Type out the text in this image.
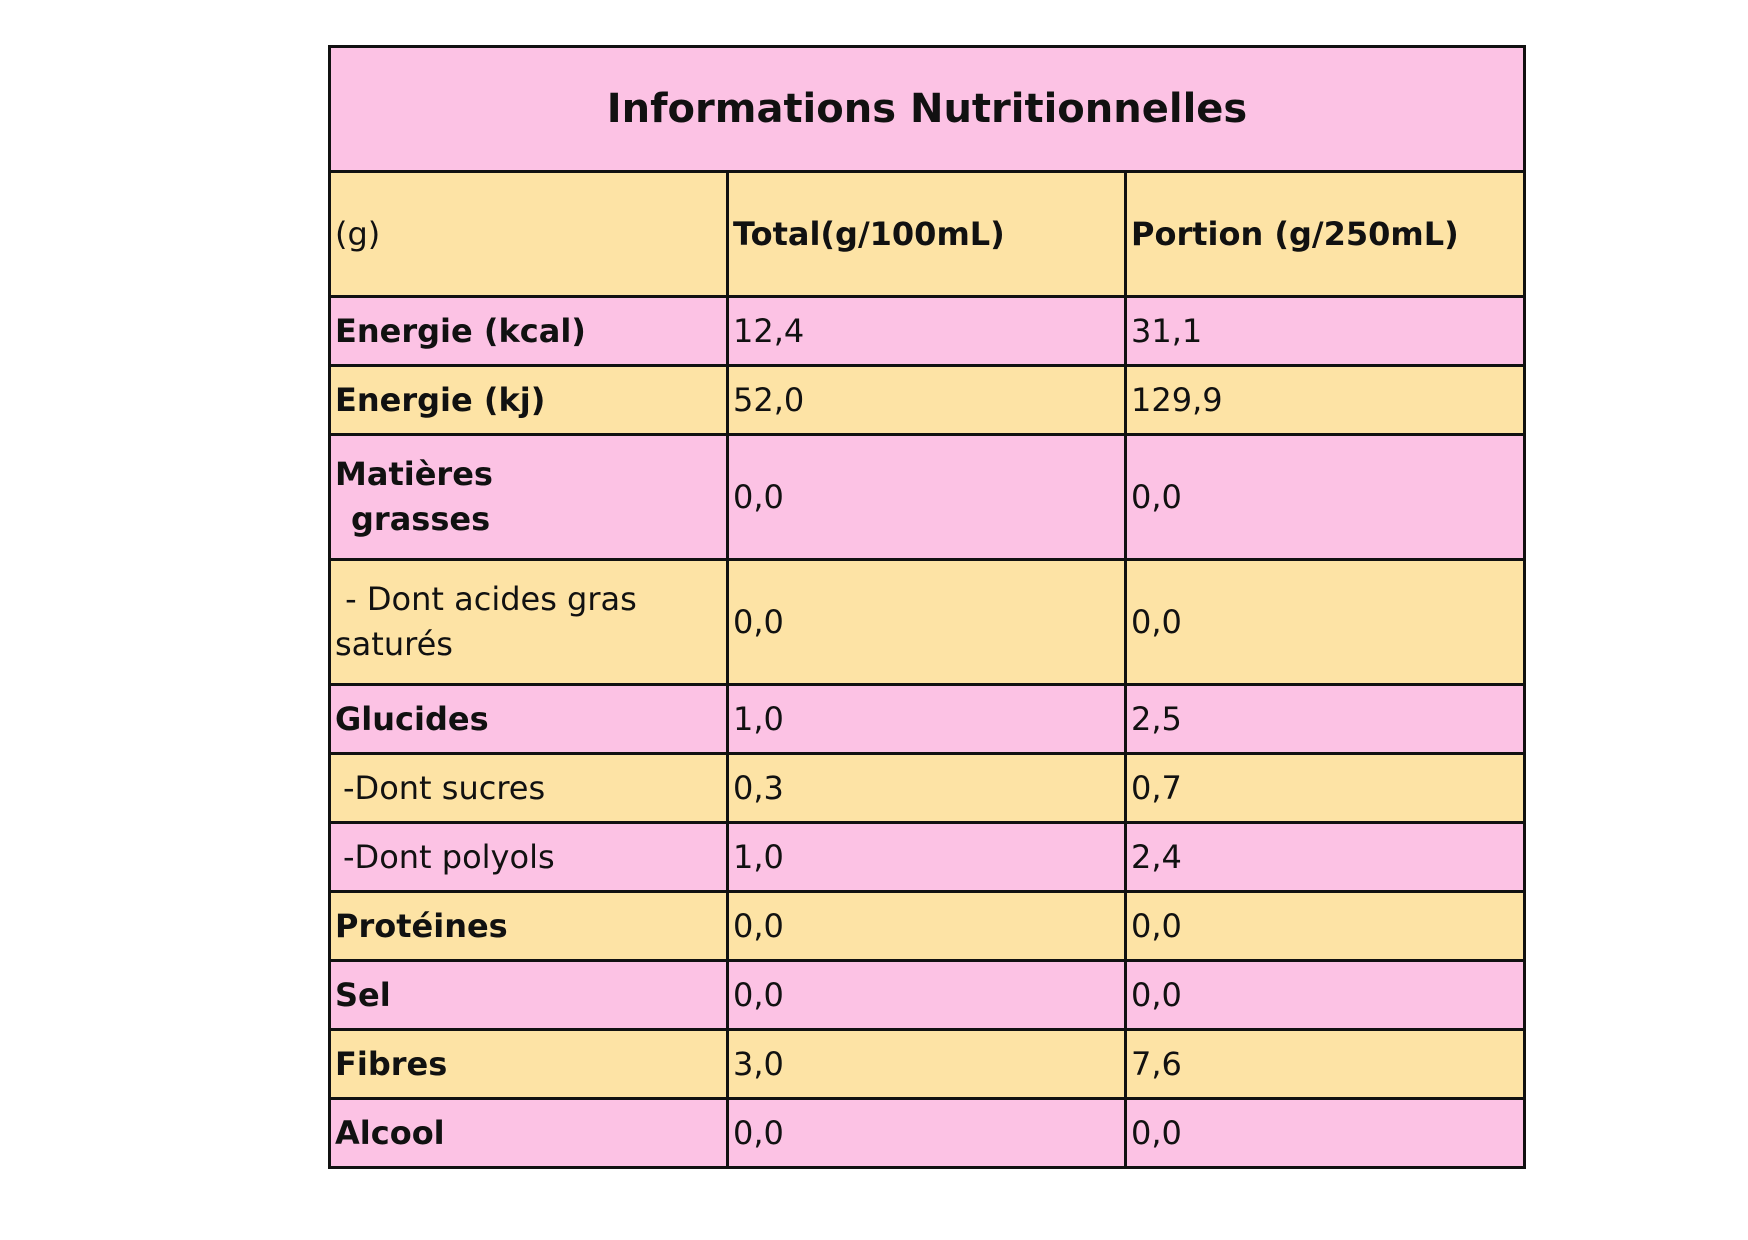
Informations Nutritionnelles		
(g)	Total(g/100mL)	Portion (g/250mL)
Energie (kcal)	12,4	31,1
Energie (kj)	52,0	129,9

Matières
grasses	0,0	0,0

- Dont acides gras
saturés	0,0	0,0
Glucides	1,0	2,5
-Dont sucres	0,3	0,7
-Dont polyols	1,0	2,4
Protéines	0,0	0,0
Sel	0,0	0,0
Fibres	3,0	7,6
Alcool	0,0	0,0
